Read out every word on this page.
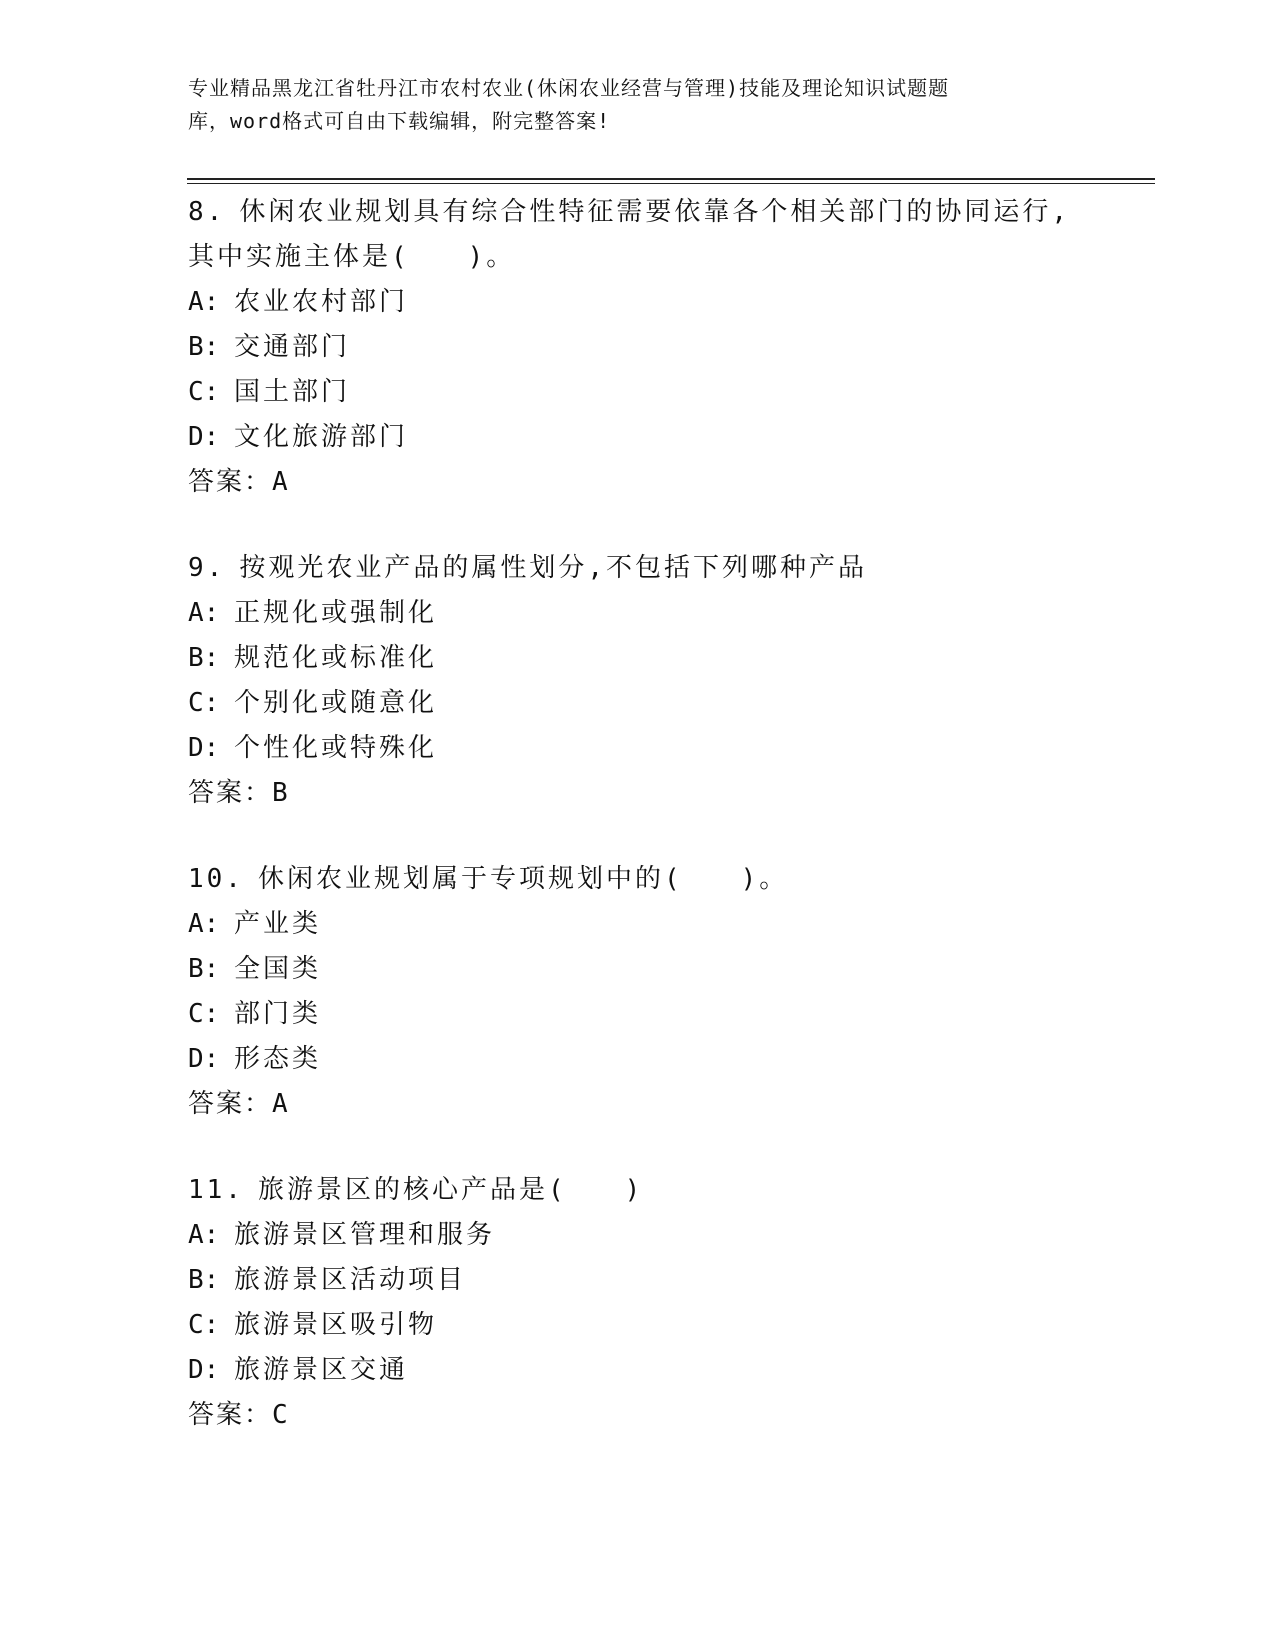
专业精品黑龙江省牡丹江市农村农业(休闲农业经营与管理)技能及理论知识试题题

库，word格式可自由下载编辑，附完整答案!

8. 休闲农业规划具有综合性特征需要依靠各个相关部门的协同运行,

其中实施主体是(　　)。

A: 农业农村部门

B: 交通部门

C: 国土部门

D: 文化旅游部门

答案：A

9. 按观光农业产品的属性划分,不包括下列哪种产品

A: 正规化或强制化

B: 规范化或标准化

C: 个别化或随意化

D: 个性化或特殊化

答案：B

10. 休闲农业规划属于专项规划中的(　　)。

A: 产业类

B: 全国类

C: 部门类

D: 形态类

答案：A

11. 旅游景区的核心产品是(　　)

A: 旅游景区管理和服务

B: 旅游景区活动项目

C: 旅游景区吸引物

D: 旅游景区交通

答案：C
